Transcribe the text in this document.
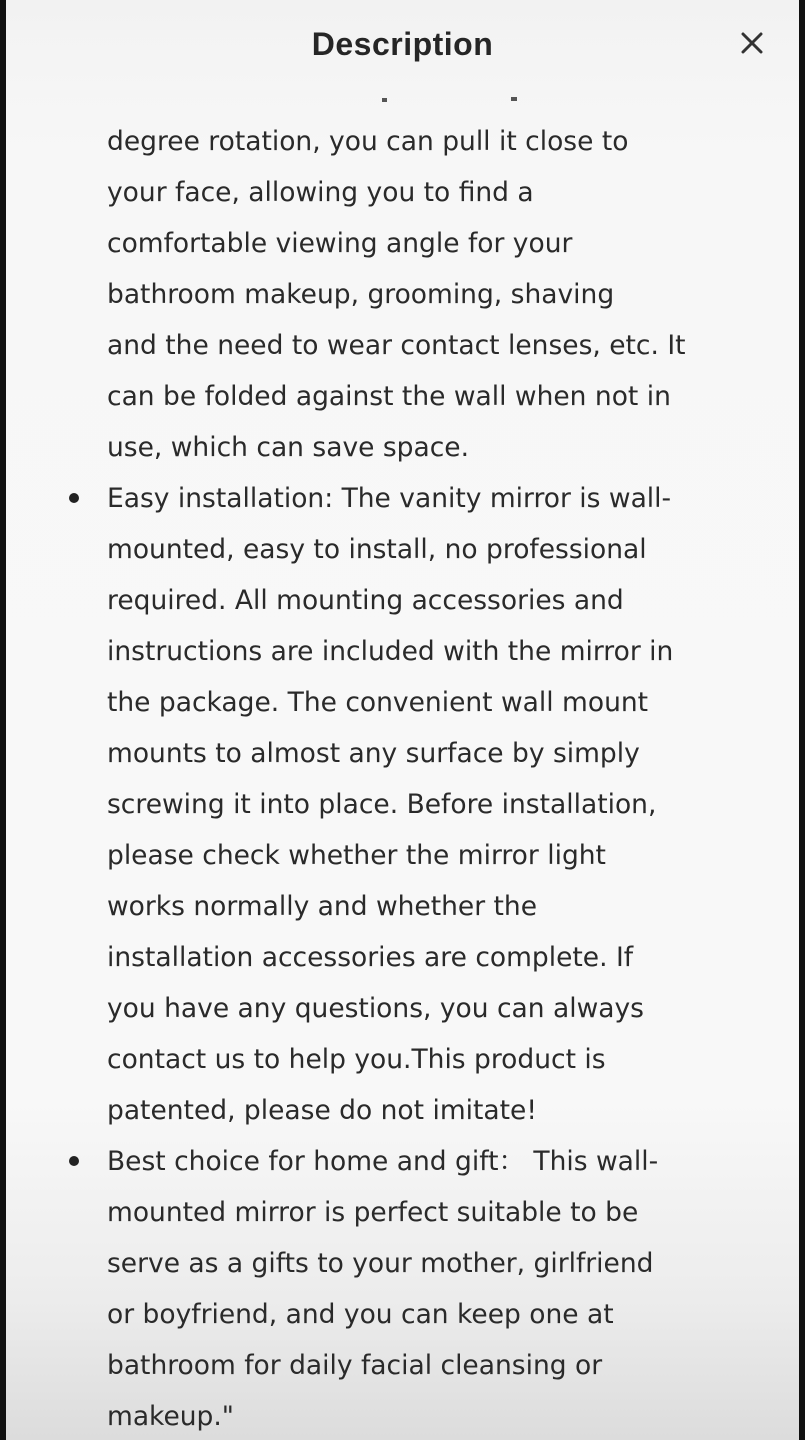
Description
degree rotation, you can pull it close to
your face, allowing you to find a
comfortable viewing angle for your
bathroom makeup, grooming, shaving
and the need to wear contact lenses, etc. It
can be folded against the wall when not in
use, which can save space.
Easy installation: The vanity mirror is wall-
mounted, easy to install, no professional
required. All mounting accessories and
instructions are included with the mirror in
the package. The convenient wall mount
mounts to almost any surface by simply
screwing it into place. Before installation,
please check whether the mirror light
works normally and whether the
installation accessories are complete. If
you have any questions, you can always
contact us to help you.This product is
patented, please do not imitate!
Best choice for home and gift： This wall-
mounted mirror is perfect suitable to be
serve as a gifts to your mother, girlfriend
or boyfriend, and you can keep one at
bathroom for daily facial cleansing or
makeup."
